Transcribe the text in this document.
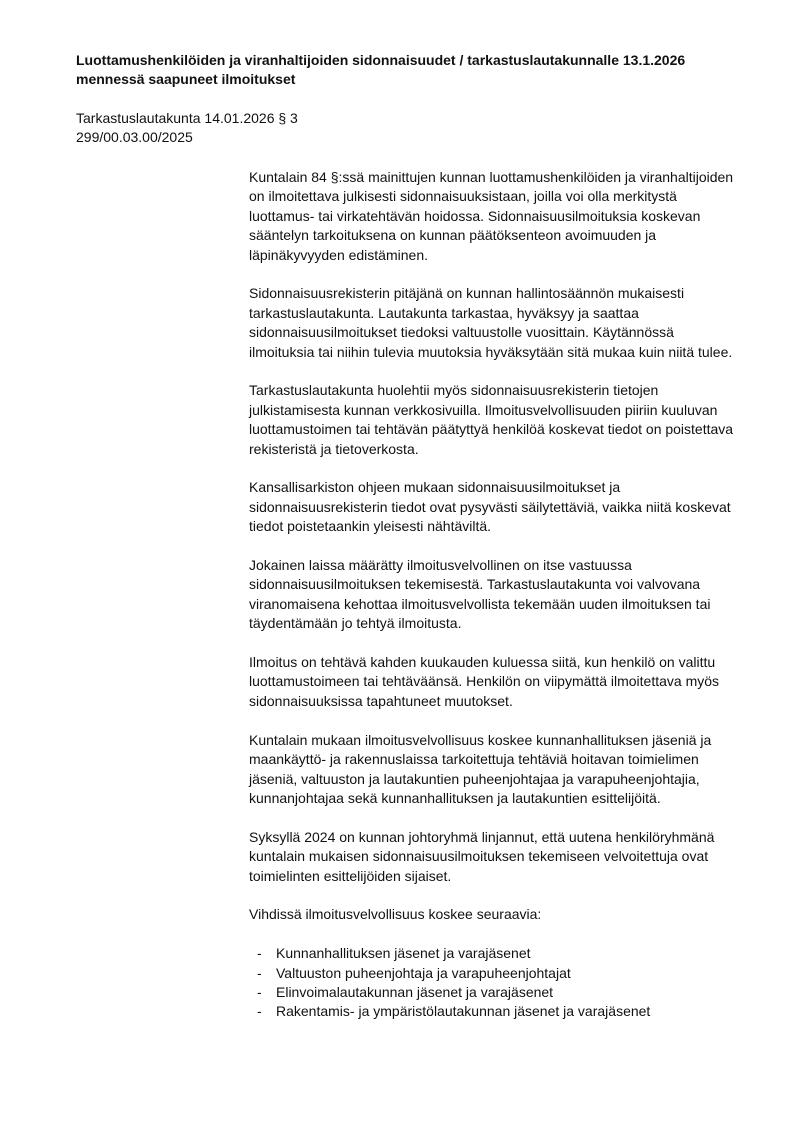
Luottamushenkilöiden ja viranhaltijoiden sidonnaisuudet / tarkastuslautakunnalle 13.1.2026 mennessä saapuneet ilmoitukset
Tarkastuslautakunta 14.01.2026 § 3
299/00.03.00/2025

Kuntalain 84 §:ssä mainittujen kunnan luottamushenkilöiden ja viranhaltijoiden on ilmoitettava julkisesti sidonnaisuuksistaan, joilla voi olla merkitystä luottamus- tai virkatehtävän hoidossa. Sidonnaisuusilmoituksia koskevan sääntelyn tarkoituksena on kunnan päätöksenteon avoimuuden ja läpinäkyvyyden edistäminen.

Sidonnaisuusrekisterin pitäjänä on kunnan hallintosäännön mukaisesti tarkastuslautakunta. Lautakunta tarkastaa, hyväksyy ja saattaa sidonnaisuusilmoitukset tiedoksi valtuustolle vuosittain. Käytännössä ilmoituksia tai niihin tulevia muutoksia hyväksytään sitä mukaa kuin niitä tulee.

Tarkastuslautakunta huolehtii myös sidonnaisuusrekisterin tietojen julkistamisesta kunnan verkkosivuilla. Ilmoitusvelvollisuuden piiriin kuuluvan luottamustoimen tai tehtävän päätyttyä henkilöä koskevat tiedot on poistettava rekisteristä ja tietoverkosta.

Kansallisarkiston ohjeen mukaan sidonnaisuusilmoitukset ja sidonnaisuusrekisterin tiedot ovat pysyvästi säilytettäviä, vaikka niitä koskevat tiedot poistetaankin yleisesti nähtäviltä.

Jokainen laissa määrätty ilmoitusvelvollinen on itse vastuussa sidonnaisuusilmoituksen tekemisestä. Tarkastuslautakunta voi valvovana viranomaisena kehottaa ilmoitusvelvollista tekemään uuden ilmoituksen tai täydentämään jo tehtyä ilmoitusta.

Ilmoitus on tehtävä kahden kuukauden kuluessa siitä, kun henkilö on valittu luottamustoimeen tai tehtäväänsä. Henkilön on viipymättä ilmoitettava myös sidonnaisuuksissa tapahtuneet muutokset.

Kuntalain mukaan ilmoitusvelvollisuus koskee kunnanhallituksen jäseniä ja maankäyttö- ja rakennuslaissa tarkoitettuja tehtäviä hoitavan toimielimen jäseniä, valtuuston ja lautakuntien puheenjohtajaa ja varapuheenjohtajia, kunnanjohtajaa sekä kunnanhallituksen ja lautakuntien esittelijöitä.

Syksyllä 2024 on kunnan johtoryhmä linjannut, että uutena henkilöryhmänä kuntalain mukaisen sidonnaisuusilmoituksen tekemiseen velvoitettuja ovat toimielinten esittelijöiden sijaiset.

Vihdissä ilmoitusvelvollisuus koskee seuraavia:

- Kunnanhallituksen jäsenet ja varajäsenet
- Valtuuston puheenjohtaja ja varapuheenjohtajat
- Elinvoimalautakunnan jäsenet ja varajäsenet
- Rakentamis- ja ympäristölautakunnan jäsenet ja varajäsenet
